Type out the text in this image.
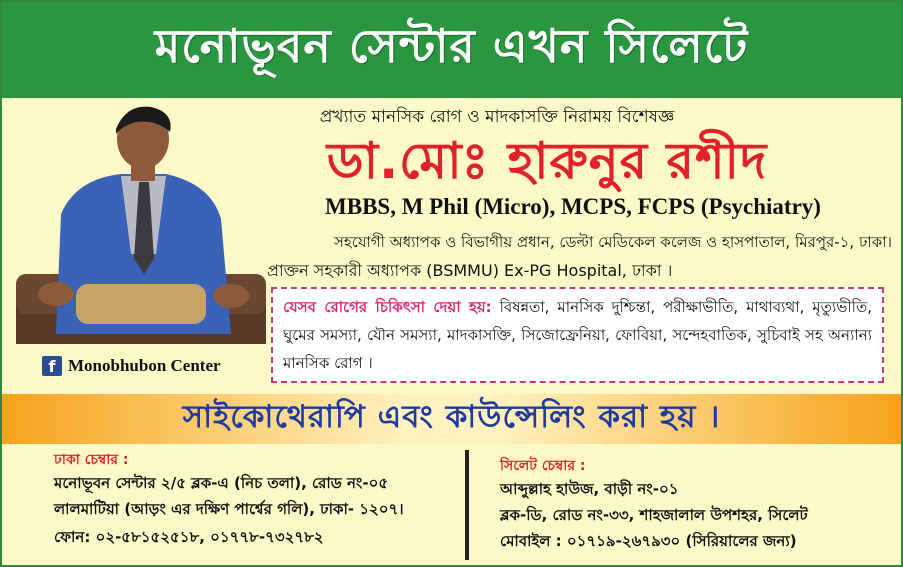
মনোভূবন সেন্টার এখন সিলেটে
f Monobhubon Center
প্রখ্যাত মানসিক রোগ ও মাদকাসক্তি নিরাময় বিশেষজ্ঞ
ডা.মোঃ হারুনুর রশীদ
MBBS, M Phil (Micro), MCPS, FCPS (Psychiatry)
সহযোগী অধ্যাপক ও বিভাগীয় প্রধান, ডেল্টা মেডিকেল কলেজ ও হাসপাতাল, মিরপুর-১, ঢাকা।
প্রাক্তন সহকারী অধ্যাপক (BSMMU) Ex-PG Hospital, ঢাকা ।
যেসব রোগের চিকিৎসা দেয়া হয়: বিষন্নতা, মানসিক দুশ্চিন্তা, পরীক্ষাভীতি, মাথাব্যথা, মৃত্যুভীতি, ঘুমের সমস্যা, যৌন সমস্যা, মাদকাসক্তি, সিজোফ্রেনিয়া, ফোবিয়া, সন্দেহবাতিক, সুচিবাই সহ অন্যান্য মানসিক রোগ ।
সাইকোথেরাপি এবং কাউন্সেলিং করা হয় ।
ঢাকা চেম্বার :
মনোভূবন সেন্টার ২/৫ ব্লক-এ (নিচ তলা), রোড নং-০৫
লালমাটিয়া (আড়ং এর দক্ষিণ পার্শ্বের গলি), ঢাকা- ১২০৭।
ফোন: ০২-৫৮১৫২৫১৮, ০১৭৭৮-৭৩২৭৮২
সিলেট চেম্বার :
আব্দুল্লাহ হাউজ, বাড়ী নং-০১
ব্লক-ডি, রোড নং-৩৩, শাহজালাল উপশহর, সিলেট
মোবাইল : ০১৭১৯-২৬৭৯৩০ (সিরিয়ালের জন্য)
